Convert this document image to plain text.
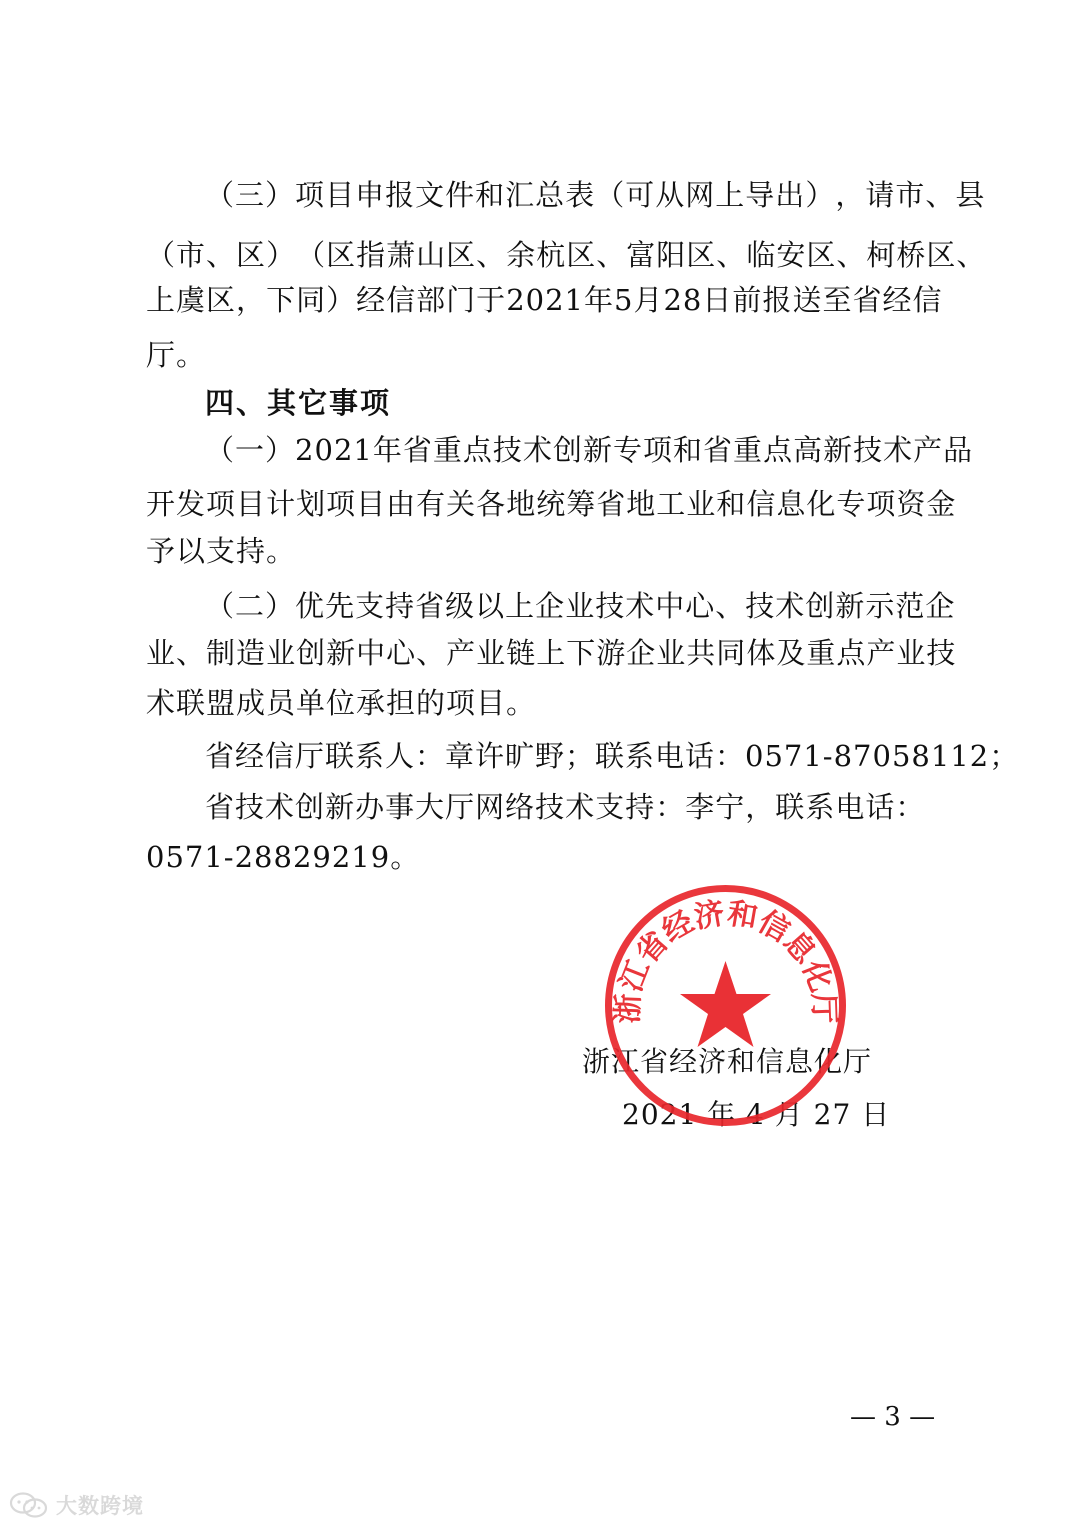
（ 三 ） 项 目 申 报 文 件 和 汇 总 表 （ 可 从 网 上 导 出 ） ， 请 市 、 县
（ 市 、 区 ） （ 区 指 萧 山 区 、 余 杭 区 、 富 阳 区 、 临 安 区 、 柯 桥 区 、
上 虞 区 ， 下 同 ） 经 信 部 门 于 2021 年 5 月 28 日 前 报 送 至 省 经 信
厅。
四、其它事项
（ 一 ） 2021 年 省 重 点 技 术 创 新 专 项 和 省 重 点 高 新 技 术 产 品
开 发 项 目 计 划 项 目 由 有 关 各 地 统 筹 省 地 工 业 和 信 息 化 专 项 资 金
予以支持。
（ 二 ） 优 先 支 持 省 级 以 上 企 业 技 术 中 心 、 技 术 创 新 示 范 企
业 、 制 造 业 创 新 中 心 、 产 业 链 上 下 游 企 业 共 同 体 及 重 点 产 业 技
术联盟成员单位承担的项目。
省经信厅联系人：章许旷野；联系电话：0571-87058112；
省 技 术 创 新 办 事 大 厅 网 络 技 术 支 持 ： 李 宁 ， 联 系 电 话 ：
0571-28829219。
浙江省经济和信息化厅
2021 年 4 月 27 日
浙江省经济和信息化厅
— 3 —
大数跨境
